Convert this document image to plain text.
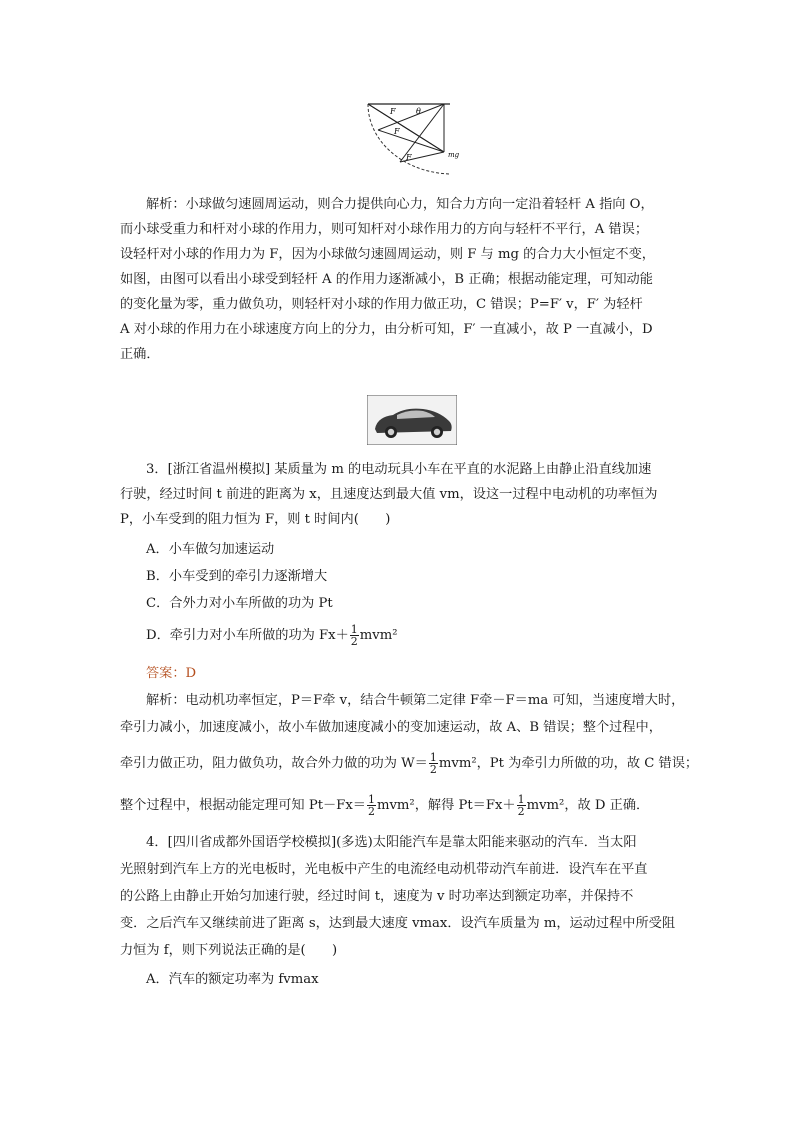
F	θ
F
F	mg
解析：小球做匀速圆周运动，则合力提供向心力，知合力方向一定沿着轻杆 A 指向 O，
而小球受重力和杆对小球的作用力，则可知杆对小球作用力的方向与轻杆不平行，A 错误；
设轻杆对小球的作用力为 F，因为小球做匀速圆周运动，则 F 与 mg 的合力大小恒定不变，
如图，由图可以看出小球受到轻杆 A 的作用力逐渐减小，B 正确；根据动能定理，可知动能
的变化量为零，重力做负功，则轻杆对小球的作用力做正功，C 错误；P=F′ v，F′ 为轻杆
A 对小球的作用力在小球速度方向上的分力，由分析可知，F′ 一直减小，故 P 一直减小，D
正确．
3．[浙江省温州模拟] 某质量为 m 的电动玩具小车在平直的水泥路上由静止沿直线加速
行驶，经过时间 t 前进的距离为 x，且速度达到最大值 vm，设这一过程中电动机的功率恒为
P，小车受到的阻力恒为 F，则 t 时间内(　　)
A．小车做匀加速运动
B．小车受到的牵引力逐渐增大
C．合外力对小车所做的功为 Pt
D．牵引力对小车所做的功为 $Fx+ \frac{1}{2} mvm^2$
答案：D
解析：电动机功率恒定，P＝F牵 v，结合牛顿第二定律 F牵－F＝ma 可知，当速度增大时，
牵引力减小，加速度减小，故小车做加速度减小的变加速运动，故 A、B 错误；整个过程中，
牵引力做正功，阻力做负功，故合外力做的功为 $W= \frac{1}{2} mvm^2$，Pt 为牵引力所做的功，故 C 错误；
整个过程中，根据动能定理可知 $Pt-Fx= \frac{1}{2} mvm^2$，解得 $Pt=Fx+ \frac{1}{2} mvm^2$，故 D 正确．
4．[四川省成都外国语学校模拟](多选)太阳能汽车是靠太阳能来驱动的汽车．当太阳
光照射到汽车上方的光电板时，光电板中产生的电流经电动机带动汽车前进．设汽车在平直
的公路上由静止开始匀加速行驶，经过时间 t，速度为 v 时功率达到额定功率，并保持不
变．之后汽车又继续前进了距离 s，达到最大速度 vmax．设汽车质量为 m，运动过程中所受阻
力恒为 f，则下列说法正确的是(　　)
A．汽车的额定功率为 fvmax
